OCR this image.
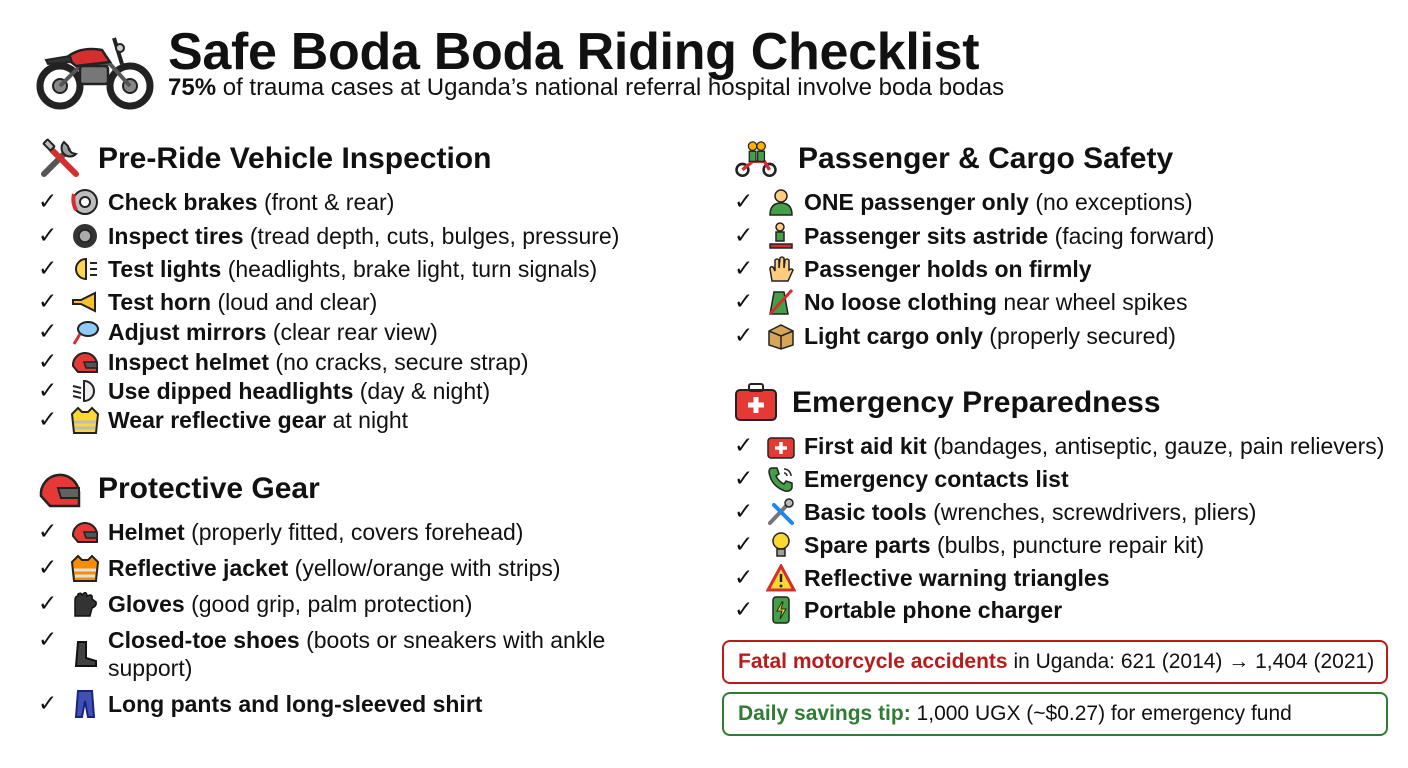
Safe Boda Boda Riding Checklist
75% of trauma cases at Uganda’s national referral hospital involve boda bodas
Pre-Ride Vehicle Inspection
✓ Check brakes (front & rear)
✓ Inspect tires (tread depth, cuts, bulges, pressure)
✓ Test lights (headlights, brake light, turn signals)
✓ Test horn (loud and clear)
✓ Adjust mirrors (clear rear view)
✓ Inspect helmet (no cracks, secure strap)
✓ Use dipped headlights (day & night)
✓ Wear reflective gear at night
Protective Gear
✓ Helmet (properly fitted, covers forehead)
✓ Reflective jacket (yellow/orange with strips)
✓ Gloves (good grip, palm protection)
✓ Closed-toe shoes (boots or sneakers with ankle support)
✓ Long pants and long-sleeved shirt
Passenger & Cargo Safety
✓ ONE passenger only (no exceptions)
✓ Passenger sits astride (facing forward)
✓ Passenger holds on firmly
✓ No loose clothing near wheel spikes
✓ Light cargo only (properly secured)
Emergency Preparedness
✓ First aid kit (bandages, antiseptic, gauze, pain relievers)
✓ Emergency contacts list
✓ Basic tools (wrenches, screwdrivers, pliers)
✓ Spare parts (bulbs, puncture repair kit)
✓ Reflective warning triangles
✓ Portable phone charger
Fatal motorcycle accidents in Uganda: 621 (2014) → 1,404 (2021)
Daily savings tip: 1,000 UGX (~$0.27) for emergency fund
